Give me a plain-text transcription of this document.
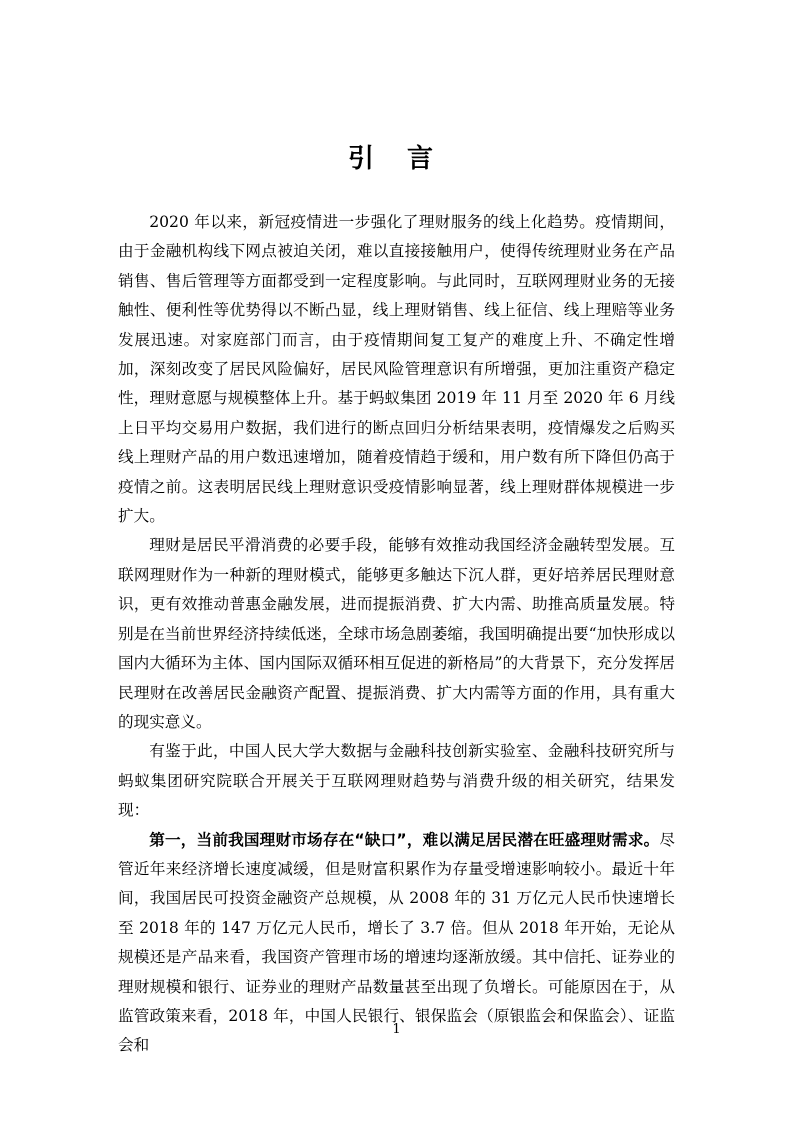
引 言

2020 年以来，新冠疫情进一步强化了理财服务的线上化趋势。疫情期间，由于金融机构线下网点被迫关闭，难以直接接触用户，使得传统理财业务在产品销售、售后管理等方面都受到一定程度影响。与此同时，互联网理财业务的无接触性、便利性等优势得以不断凸显，线上理财销售、线上征信、线上理赔等业务发展迅速。对家庭部门而言，由于疫情期间复工复产的难度上升、不确定性增加，深刻改变了居民风险偏好，居民风险管理意识有所增强，更加注重资产稳定性，理财意愿与规模整体上升。基于蚂蚁集团 2019 年 11 月至 2020 年 6 月线上日平均交易用户数据，我们进行的断点回归分析结果表明，疫情爆发之后购买线上理财产品的用户数迅速增加，随着疫情趋于缓和，用户数有所下降但仍高于疫情之前。这表明居民线上理财意识受疫情影响显著，线上理财群体规模进一步扩大。

理财是居民平滑消费的必要手段，能够有效推动我国经济金融转型发展。互联网理财作为一种新的理财模式，能够更多触达下沉人群，更好培养居民理财意识，更有效推动普惠金融发展，进而提振消费、扩大内需、助推高质量发展。特别是在当前世界经济持续低迷，全球市场急剧萎缩，我国明确提出要“加快形成以国内大循环为主体、国内国际双循环相互促进的新格局”的大背景下，充分发挥居民理财在改善居民金融资产配置、提振消费、扩大内需等方面的作用，具有重大的现实意义。

有鉴于此，中国人民大学大数据与金融科技创新实验室、金融科技研究所与蚂蚁集团研究院联合开展关于互联网理财趋势与消费升级的相关研究，结果发现：

第一，当前我国理财市场存在“缺口”，难以满足居民潜在旺盛理财需求。尽管近年来经济增长速度减缓，但是财富积累作为存量受增速影响较小。最近十年间，我国居民可投资金融资产总规模，从 2008 年的 31 万亿元人民币快速增长至 2018 年的 147 万亿元人民币，增长了 3.7 倍。但从 2018 年开始，无论从规模还是产品来看，我国资产管理市场的增速均逐渐放缓。其中信托、证券业的理财规模和银行、证券业的理财产品数量甚至出现了负增长。可能原因在于，从监管政策来看，2018 年，中国人民银行、银保监会（原银监会和保监会）、证监会和

1
